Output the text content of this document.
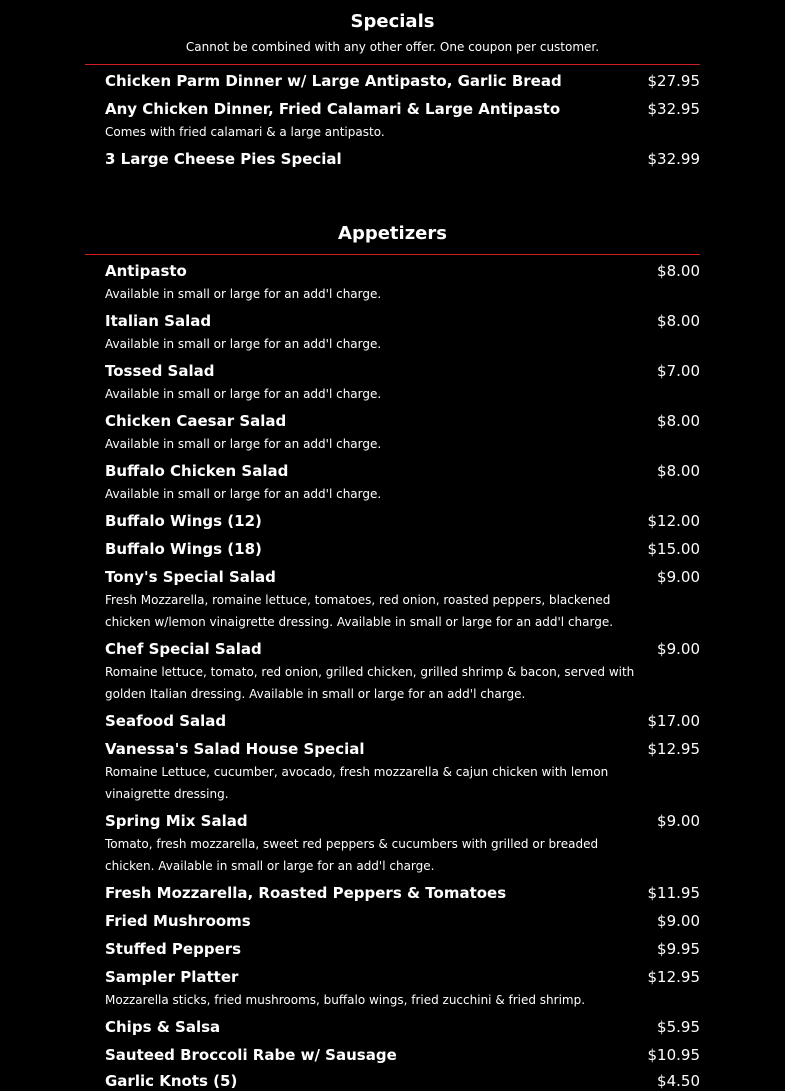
Specials
Cannot be combined with any other offer. One coupon per customer.
Chicken Parm Dinner w/ Large Antipasto, Garlic Bread	$27.95
Any Chicken Dinner, Fried Calamari & Large Antipasto	$32.95
Comes with fried calamari & a large antipasto.
3 Large Cheese Pies Special	$32.99
Appetizers
Antipasto	$8.00
Available in small or large for an add'l charge.
Italian Salad	$8.00
Available in small or large for an add'l charge.
Tossed Salad	$7.00
Available in small or large for an add'l charge.
Chicken Caesar Salad	$8.00
Available in small or large for an add'l charge.
Buffalo Chicken Salad	$8.00
Available in small or large for an add'l charge.
Buffalo Wings (12)	$12.00
Buffalo Wings (18)	$15.00
Tony's Special Salad	$9.00
Fresh Mozzarella, romaine lettuce, tomatoes, red onion, roasted peppers, blackened chicken w/lemon vinaigrette dressing. Available in small or large for an add'l charge.
Chef Special Salad	$9.00
Romaine lettuce, tomato, red onion, grilled chicken, grilled shrimp & bacon, served with golden Italian dressing. Available in small or large for an add'l charge.
Seafood Salad	$17.00
Vanessa's Salad House Special	$12.95
Romaine Lettuce, cucumber, avocado, fresh mozzarella & cajun chicken with lemon vinaigrette dressing.
Spring Mix Salad	$9.00
Tomato, fresh mozzarella, sweet red peppers & cucumbers with grilled or breaded chicken. Available in small or large for an add'l charge.
Fresh Mozzarella, Roasted Peppers & Tomatoes	$11.95
Fried Mushrooms	$9.00
Stuffed Peppers	$9.95
Sampler Platter	$12.95
Mozzarella sticks, fried mushrooms, buffalo wings, fried zucchini & fried shrimp.
Chips & Salsa	$5.95
Sauteed Broccoli Rabe w/ Sausage	$10.95
Garlic Knots (5)	$4.50
